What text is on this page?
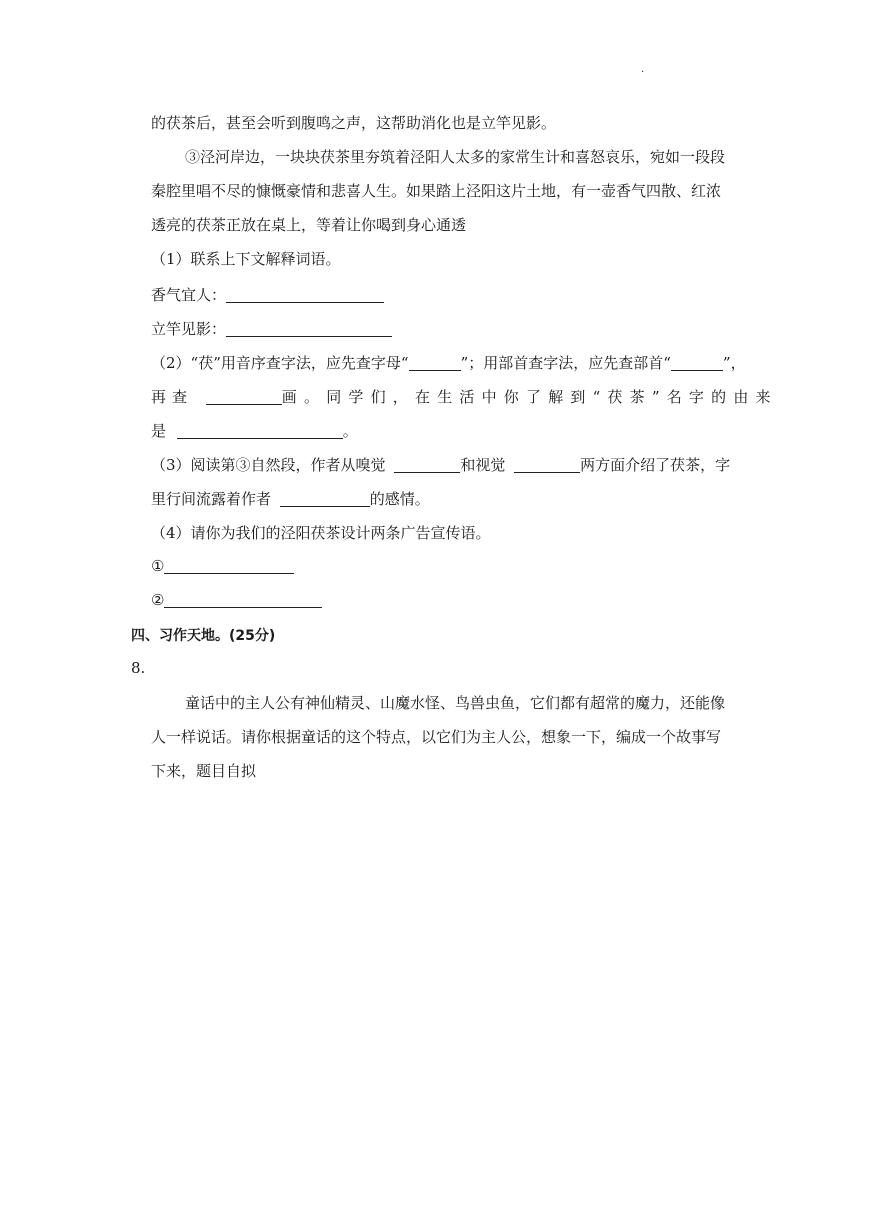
.
的茯茶后，甚至会听到腹鸣之声，这帮助消化也是立竿见影。
③泾河岸边，一块块茯茶里夯筑着泾阳人太多的家常生计和喜怒哀乐，宛如一段段
秦腔里唱不尽的慷慨豪情和悲喜人生。如果踏上泾阳这片土地，有一壶香气四散、红浓
透亮的茯茶正放在桌上，等着让你喝到身心通透
（1）联系上下文解释词语。
香气宜人：
立竿见影：
（2）“茯”用音序查字法，应先查字母“	”；用部首查字法，应先查部首“	”，
再查	画。同学们，在生活中你了解到“茯茶”名字的由来
是	。
（3）阅读第③自然段，作者从嗅觉	和视觉	两方面介绍了茯茶，字
里行间流露着作者	的感情。
（4）请你为我们的泾阳茯茶设计两条广告宣传语。
①
②
四、习作天地。(25分)
8.
童话中的主人公有神仙精灵、山魔水怪、鸟兽虫鱼，它们都有超常的魔力，还能像
人一样说话。请你根据童话的这个特点，以它们为主人公，想象一下，编成一个故事写
下来，题目自拟
